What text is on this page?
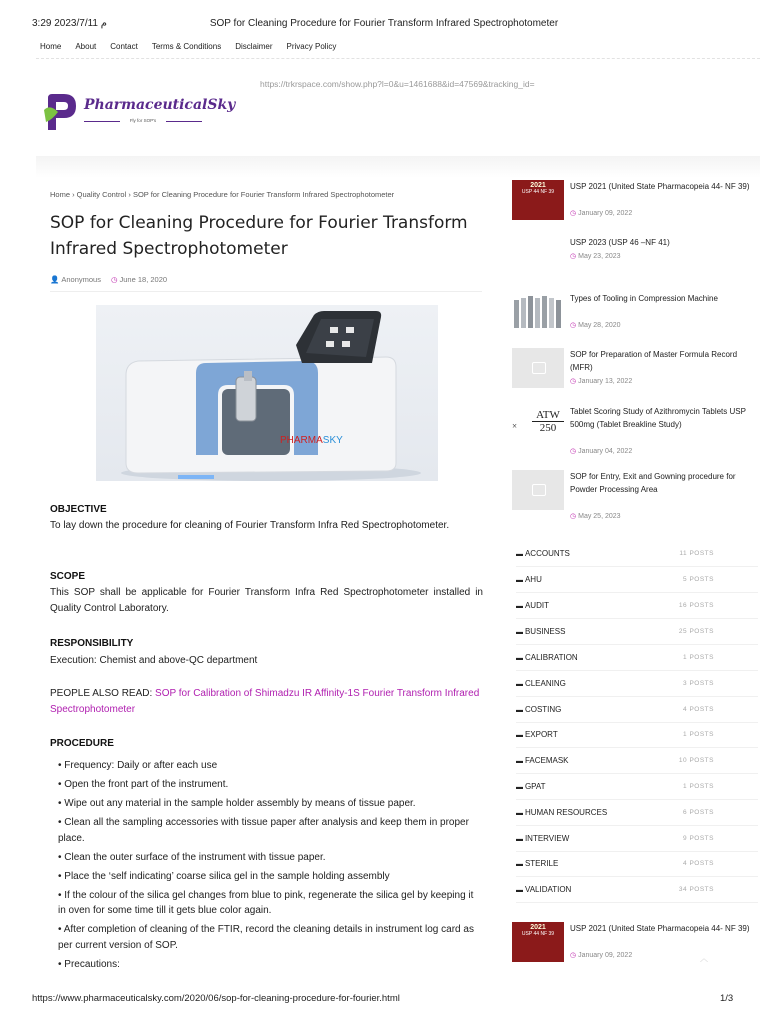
3:29 2023/7/11 م	SOP for Cleaning Procedure for Fourier Transform Infrared Spectrophotometer
Home About Contact Terms & Conditions Disclaimer Privacy Policy
https://trkrspace.com/show.php?l=0&u=1461688&id=47569&tracking_id=
PharmaceuticalSky
Fly for SOP's
Home › Quality Control › SOP for Cleaning Procedure for Fourier Transform Infrared Spectrophotometer
SOP for Cleaning Procedure for Fourier Transform Infrared Spectrophotometer
👤 Anonymous ◷ June 18, 2020
PHARMASKY
OBJECTIVE
To lay down the procedure for cleaning of Fourier Transform Infra Red Spectrophotometer.
SCOPE
This SOP shall be applicable for Fourier Transform Infra Red Spectrophotometer installed in Quality Control Laboratory.
RESPONSIBILITY
Execution: Chemist and above-QC department
PEOPLE ALSO READ: SOP for Calibration of Shimadzu IR Affinity-1S Fourier Transform Infrared Spectrophotometer
PROCEDURE
• Frequency: Daily or after each use
• Open the front part of the instrument.
• Wipe out any material in the sample holder assembly by means of tissue paper.
• Clean all the sampling accessories with tissue paper after analysis and keep them in proper place.
• Clean the outer surface of the instrument with tissue paper.
• Place the ‘self indicating’ coarse silica gel in the sample holding assembly
• If the colour of the silica gel changes from blue to pink, regenerate the silica gel by keeping it in oven for some time till it gets blue color again.
• After completion of cleaning of the FTIR, record the cleaning details in instrument log card as per current version of SOP.
• Precautions:
2021
USP 44 NF 39
USP 2021 (United State Pharmacopeia 44- NF 39)
◷ January 09, 2022
USP 2023 (USP 46 –NF 41)
◷ May 23, 2023
Types of Tooling in Compression Machine
◷ May 28, 2020
SOP for Preparation of Master Formula Record (MFR)
◷ January 13, 2022
×
ATW
250
Tablet Scoring Study of Azithromycin Tablets USP 500mg (Tablet Breakline Study)
◷ January 04, 2022
SOP for Entry, Exit and Gowning procedure for Powder Processing Area
◷ May 25, 2023
▬ ACCOUNTS	11 POSTS
▬ AHU	5 POSTS
▬ AUDIT	16 POSTS
▬ BUSINESS	25 POSTS
▬ CALIBRATION	1 POSTS
▬ CLEANING	3 POSTS
▬ COSTING	4 POSTS
▬ EXPORT	1 POSTS
▬ FACEMASK	10 POSTS
▬ GPAT	1 POSTS
▬ HUMAN RESOURCES	6 POSTS
▬ INTERVIEW	9 POSTS
▬ STERILE	4 POSTS
▬ VALIDATION	34 POSTS
2021
USP 44 NF 39
USP 2021 (United State Pharmacopeia 44- NF 39)
◷ January 09, 2022	︿
https://www.pharmaceuticalsky.com/2020/06/sop-for-cleaning-procedure-for-fourier.html	1/3
